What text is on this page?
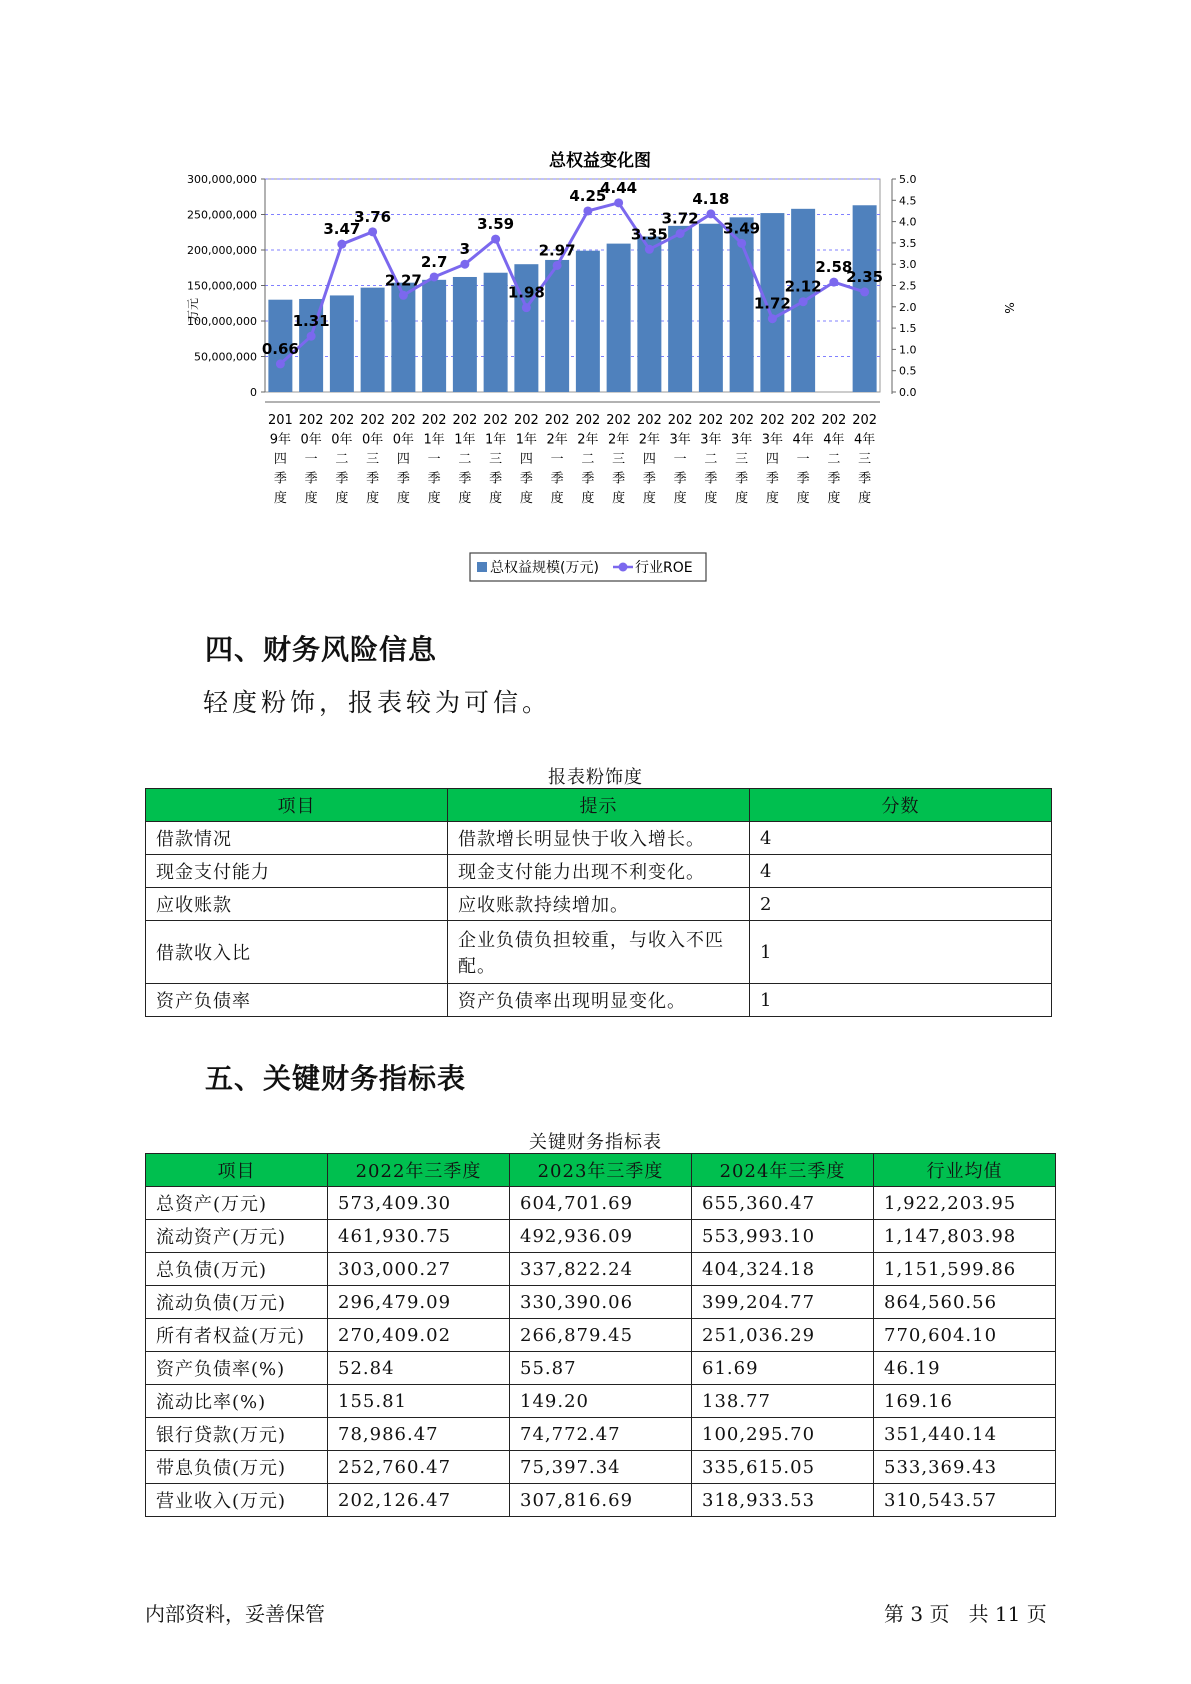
总权益变化图
0
50,000,000
100,000,000
150,000,000
200,000,000
250,000,000
300,000,000
0.0
0.5
1.0
1.5
2.0
2.5
3.0
3.5
4.0
4.5
5.0
0.66
1.31
3.47
3.76
2.27
2.7
3
3.59
1.98
2.97
4.25
4.44
3.35
3.72
4.18
3.49
1.72
2.12
2.58
2.35
201 9年四季度
202 0年一季度
202 0年二季度
202 0年三季度
202 0年四季度
202 1年一季度
202 1年二季度
202 1年三季度
202 1年四季度
202 2年一季度
202 2年二季度
202 2年三季度
202 2年四季度
202 3年一季度
202 3年二季度
202 3年三季度
202 3年四季度
202 4年一季度
202 4年二季度
202 4年三季度
万元	%
总权益规模(万元)	行业ROE
四、财务风险信息

轻度粉饰，报表较为可信。

报表粉饰度
项目	提示	分数
借款情况	借款增长明显快于收入增长。	4
现金支付能力	现金支付能力出现不利变化。	4
应收账款	应收账款持续增加。	2
借款收入比	企业负债负担较重，与收入不匹配。	1
资产负债率	资产负债率出现明显变化。	1
五、关键财务指标表
关键财务指标表
项目	2022年三季度	2023年三季度	2024年三季度	行业均值
总资产(万元)	573,409.30	604,701.69	655,360.47	1,922,203.95
流动资产(万元)	461,930.75	492,936.09	553,993.10	1,147,803.98
总负债(万元)	303,000.27	337,822.24	404,324.18	1,151,599.86
流动负债(万元)	296,479.09	330,390.06	399,204.77	864,560.56
所有者权益(万元)	270,409.02	266,879.45	251,036.29	770,604.10
资产负债率(%)	52.84	55.87	61.69	46.19
流动比率(%)	155.81	149.20	138.77	169.16
银行贷款(万元)	78,986.47	74,772.47	100,295.70	351,440.14
带息负债(万元)	252,760.47	75,397.34	335,615.05	533,369.43
营业收入(万元)	202,126.47	307,816.69	318,933.53	310,543.57
内部资料，妥善保管	第 3 页 共 11 页
